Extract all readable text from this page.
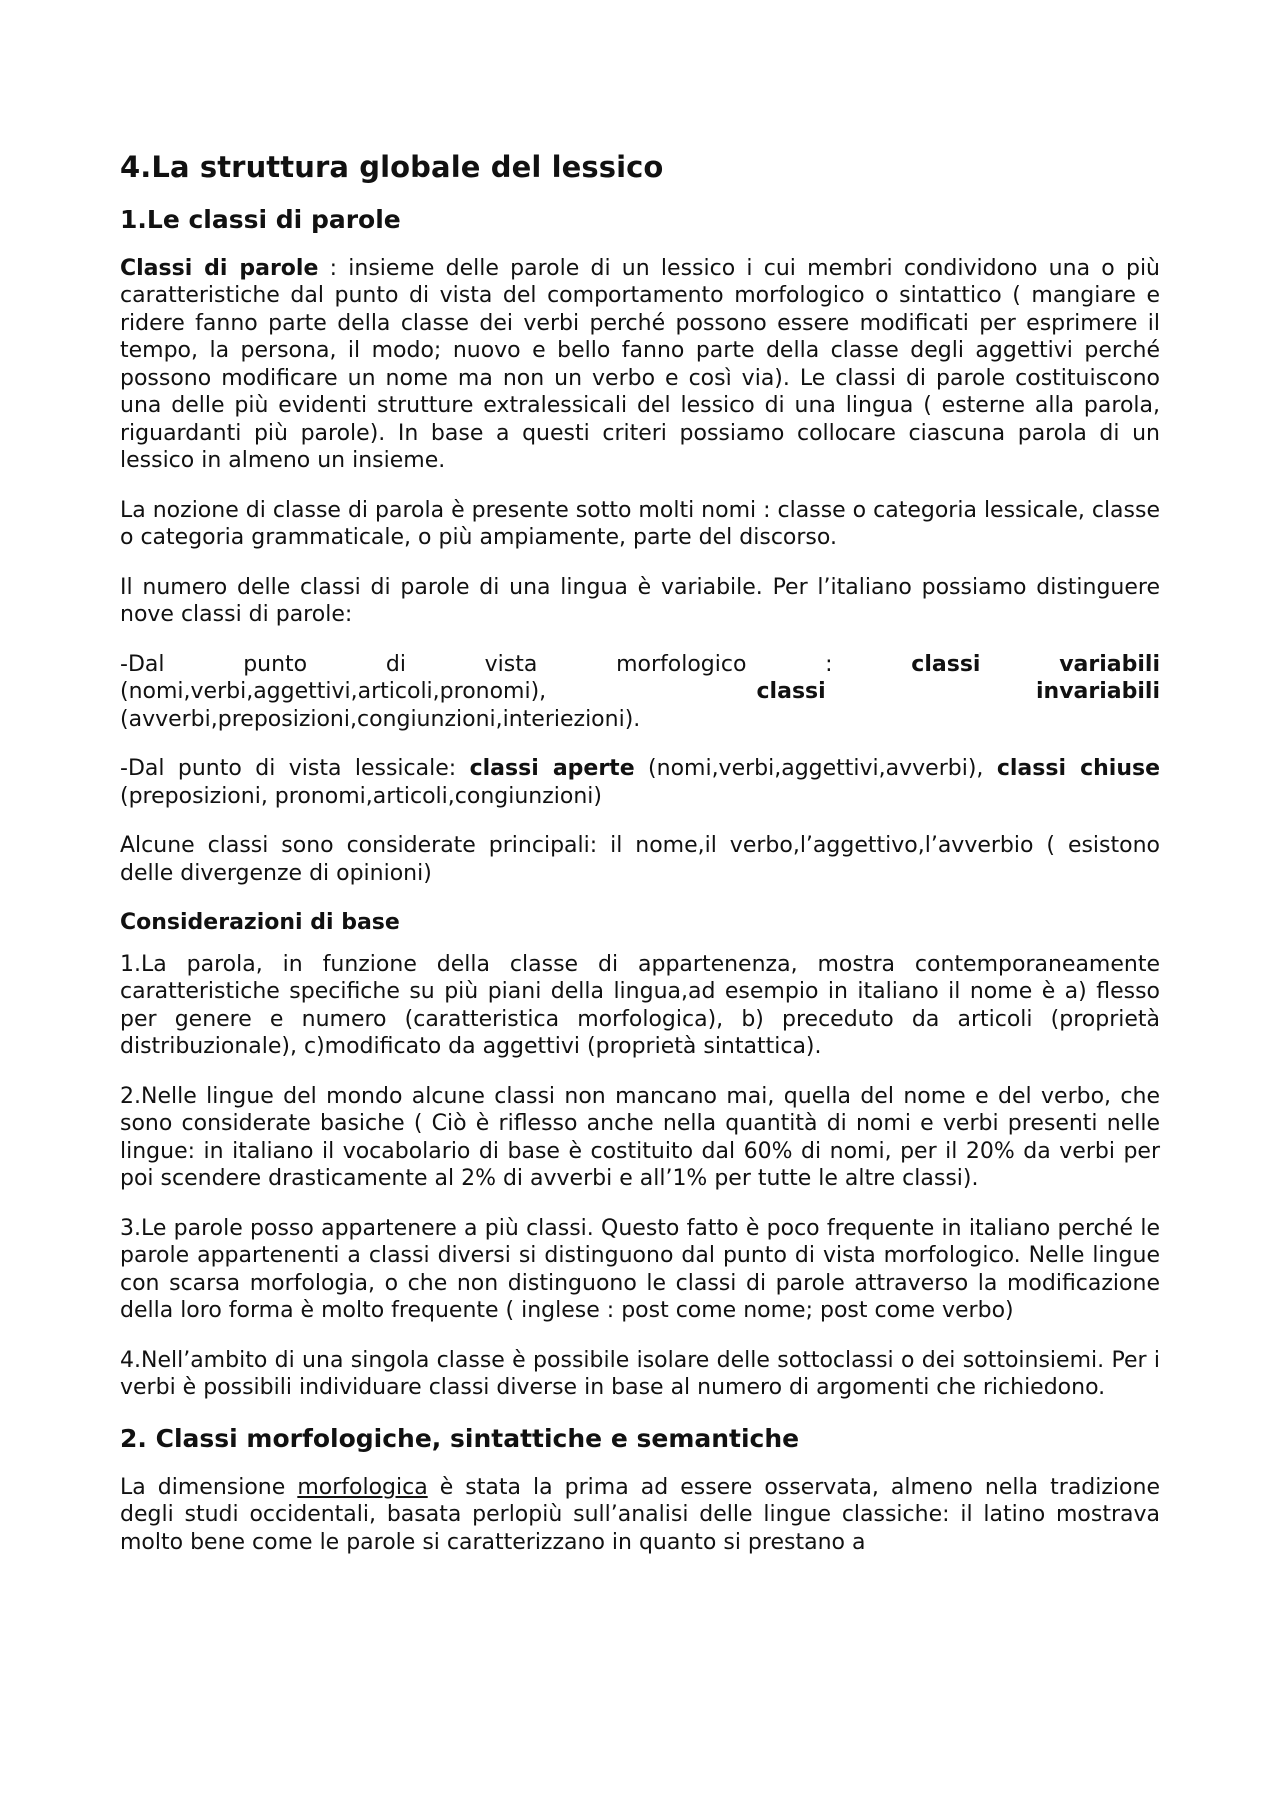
4.La struttura globale del lessico
1.Le classi di parole

Classi di parole : insieme delle parole di un lessico i cui membri condividono una o più caratteristiche dal punto di vista del comportamento morfologico o sintattico ( mangiare e ridere fanno parte della classe dei verbi perché possono essere modificati per esprimere il tempo, la persona, il modo; nuovo e bello fanno parte della classe degli aggettivi perché possono modificare un nome ma non un verbo e così via). Le classi di parole costituiscono una delle più evidenti strutture extralessicali del lessico di una lingua ( esterne alla parola, riguardanti più parole). In base a questi criteri possiamo collocare ciascuna parola di un lessico in almeno un insieme.

La nozione di classe di parola è presente sotto molti nomi : classe o categoria lessicale, classe o categoria grammaticale, o più ampiamente, parte del discorso.

Il numero delle classi di parole di una lingua è variabile. Per l’italiano possiamo distinguere nove classi di parole:

-Dal	punto	di	vista	morfologico	:	classi	variabili

(nomi,verbi,aggettivi,articoli,pronomi),	classi	invariabili

(avverbi,preposizioni,congiunzioni,interiezioni).

-Dal punto di vista lessicale: classi aperte (nomi,verbi,aggettivi,avverbi), classi chiuse (preposizioni, pronomi,articoli,congiunzioni)

Alcune classi sono considerate principali: il nome,il verbo,l’aggettivo,l’avverbio ( esistono delle divergenze di opinioni)

Considerazioni di base

1.La parola, in funzione della classe di appartenenza, mostra contemporaneamente caratteristiche specifiche su più piani della lingua,ad esempio in italiano il nome è a) flesso per genere e numero (caratteristica morfologica), b) preceduto da articoli (proprietà distribuzionale), c)modificato da aggettivi (proprietà sintattica).

2.Nelle lingue del mondo alcune classi non mancano mai, quella del nome e del verbo, che sono considerate basiche ( Ciò è riflesso anche nella quantità di nomi e verbi presenti nelle lingue: in italiano il vocabolario di base è costituito dal 60% di nomi, per il 20% da verbi per poi scendere drasticamente al 2% di avverbi e all’1% per tutte le altre classi).

3.Le parole posso appartenere a più classi. Questo fatto è poco frequente in italiano perché le parole appartenenti a classi diversi si distinguono dal punto di vista morfologico. Nelle lingue con scarsa morfologia, o che non distinguono le classi di parole attraverso la modificazione della loro forma è molto frequente ( inglese : post come nome; post come verbo)

4.Nell’ambito di una singola classe è possibile isolare delle sottoclassi o dei sottoinsiemi. Per i verbi è possibili individuare classi diverse in base al numero di argomenti che richiedono.

2. Classi morfologiche, sintattiche e semantiche

La dimensione morfologica è stata la prima ad essere osservata, almeno nella tradizione degli studi occidentali, basata perlopiù sull’analisi delle lingue classiche: il latino mostrava molto bene come le parole si caratterizzano in quanto si prestano a
